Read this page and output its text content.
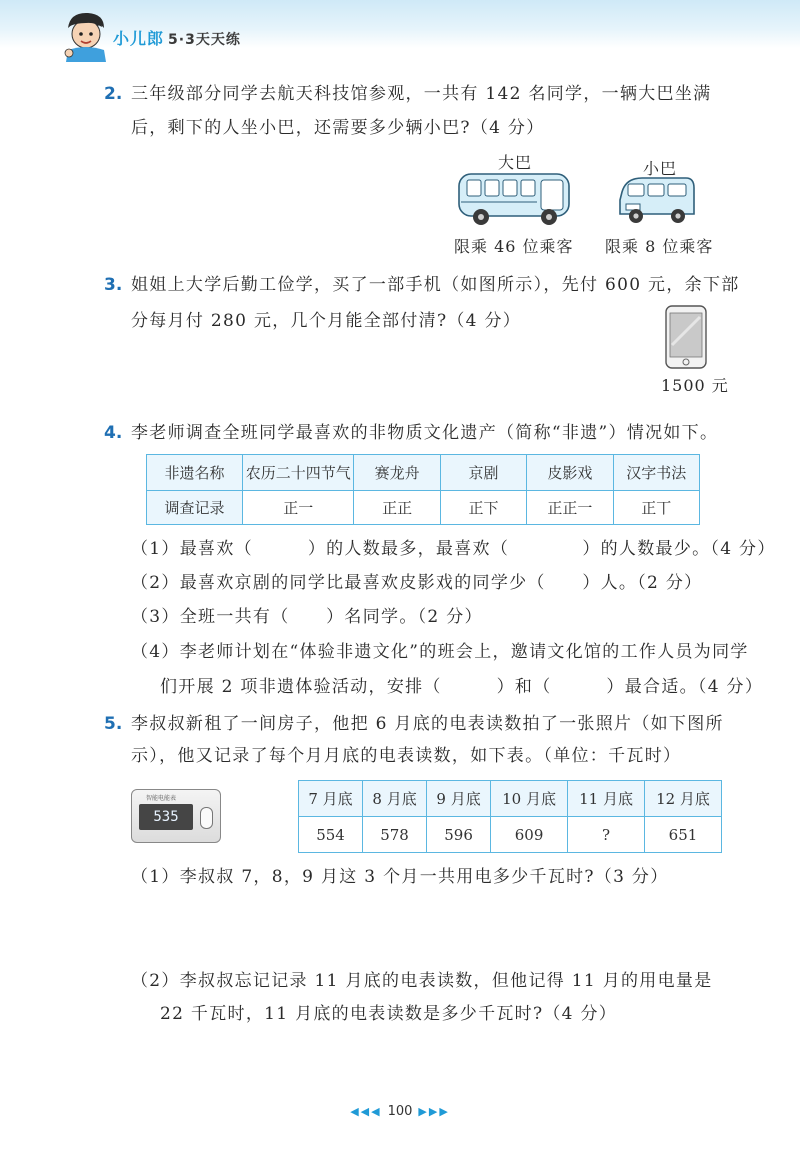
小儿郎 5·3天天练
2. 三年级部分同学去航天科技馆参观，一共有 142 名同学，一辆大巴坐满
后，剩下的人坐小巴，还需要多少辆小巴?（4 分）
大巴	小巴
限乘 46 位乘客 限乘 8 位乘客
3. 姐姐上大学后勤工俭学，买了一部手机（如图所示），先付 600 元，余下部
分每月付 280 元，几个月能全部付清?（4 分）
1500 元
4. 李老师调查全班同学最喜欢的非物质文化遗产（简称“非遗”）情况如下。
非遗名称	农历二十四节气	赛龙舟	京剧	皮影戏	汉字书法
调查记录	正一	正正	正下	正正一	正丅
（1）最喜欢（　　　）的人数最多，最喜欢（　　　　）的人数最少。（4 分）
（2）最喜欢京剧的同学比最喜欢皮影戏的同学少（　　）人。（2 分）
（3）全班一共有（　　）名同学。（2 分）
（4）李老师计划在“体验非遗文化”的班会上，邀请文化馆的工作人员为同学
们开展 2 项非遗体验活动，安排（　　　）和（　　　）最合适。（4 分）
5. 李叔叔新租了一间房子，他把 6 月底的电表读数拍了一张照片（如下图所
示），他又记录了每个月月底的电表读数，如下表。（单位：千瓦时）
智能电能表
535
7 月底	8 月底	9 月底	10 月底	11 月底	12 月底
554	578	596	609	?	651
（1）李叔叔 7，8，9 月这 3 个月一共用电多少千瓦时?（3 分）
（2）李叔叔忘记记录 11 月底的电表读数，但他记得 11 月的用电量是
22 千瓦时，11 月底的电表读数是多少千瓦时?（4 分）
◀◀◀ 100 ▶▶▶
